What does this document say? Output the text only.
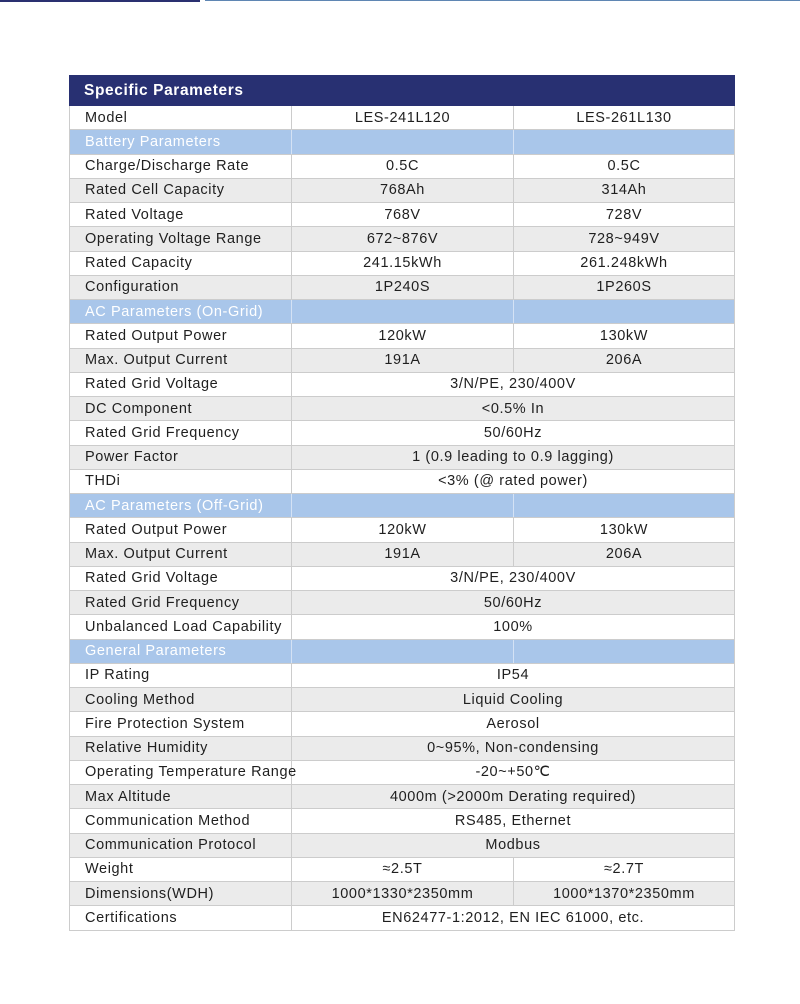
Specific Parameters
Model	LES-241L120	LES-261L130
Battery Parameters
Charge/Discharge Rate	0.5C	0.5C
Rated Cell Capacity	768Ah	314Ah
Rated Voltage	768V	728V
Operating Voltage Range	672~876V	728~949V
Rated Capacity	241.15kWh	261.248kWh
Configuration	1P240S	1P260S
AC Parameters (On-Grid)
Rated Output Power	120kW	130kW
Max. Output Current	191A	206A
Rated Grid Voltage	3/N/PE, 230/400V
DC Component	<0.5% In
Rated Grid Frequency	50/60Hz
Power Factor	1 (0.9 leading to 0.9 lagging)
THDi	<3% (@ rated power)
AC Parameters (Off-Grid)
Rated Output Power	120kW	130kW
Max. Output Current	191A	206A
Rated Grid Voltage	3/N/PE, 230/400V
Rated Grid Frequency	50/60Hz
Unbalanced Load Capability	100%
General Parameters
IP Rating	IP54
Cooling Method	Liquid Cooling
Fire Protection System	Aerosol
Relative Humidity	0~95%, Non-condensing
Operating Temperature Range	-20~+50℃
Max Altitude	4000m (>2000m Derating required)
Communication Method	RS485, Ethernet
Communication Protocol	Modbus
Weight	≈2.5T	≈2.7T
Dimensions(WDH)	1000*1330*2350mm	1000*1370*2350mm
Certifications	EN62477-1:2012, EN IEC 61000, etc.
